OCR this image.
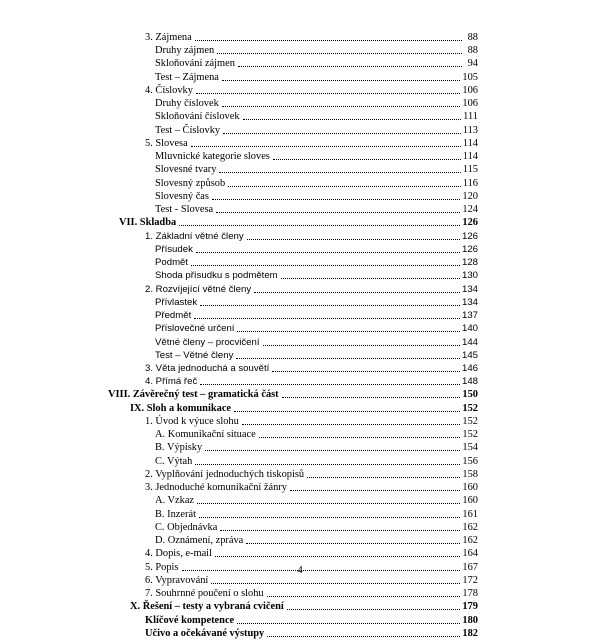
3. Zájmena	88
Druhy zájmen	88
Skloňování zájmen	94
Test – Zájmena	105
4. Číslovky	106
Druhy číslovek	106
Skloňování číslovek	111
Test – Číslovky	113
5. Slovesa	114
Mluvnické kategorie sloves	114
Slovesné tvary	115
Slovesný způsob	116
Slovesný čas	120
Test - Slovesa	124
VII. Skladba	126
1. Základní větné členy	126
Přísudek	126
Podmět	128
Shoda přísudku s podmětem	130
2. Rozvíjející větné členy	134
Přívlastek	134
Předmět	137
Příslovečné určení	140
Větné členy – procvičení	144
Test – Větné členy	145
3. Věta jednoduchá a souvětí	146
4. Přímá řeč	148
VIII. Závěrečný test – gramatická část	150
IX. Sloh a komunikace	152
1. Úvod k výuce slohu	152
A. Komunikační situace	152
B. Výpisky	154
C. Výtah	156
2. Vyplňování jednoduchých tiskopisů	158
3. Jednoduché komunikační žánry	160
A. Vzkaz	160
B. Inzerát	161
C. Objednávka	162
D. Oznámení, zpráva	162
4. Dopis, e-mail	164
5. Popis	167
6. Vypravování	172
7. Souhrnné poučení o slohu	178
X. Řešení – testy a vybraná cvičení	179
Klíčové kompetence	180
Učivo a očekávané výstupy	182
4
